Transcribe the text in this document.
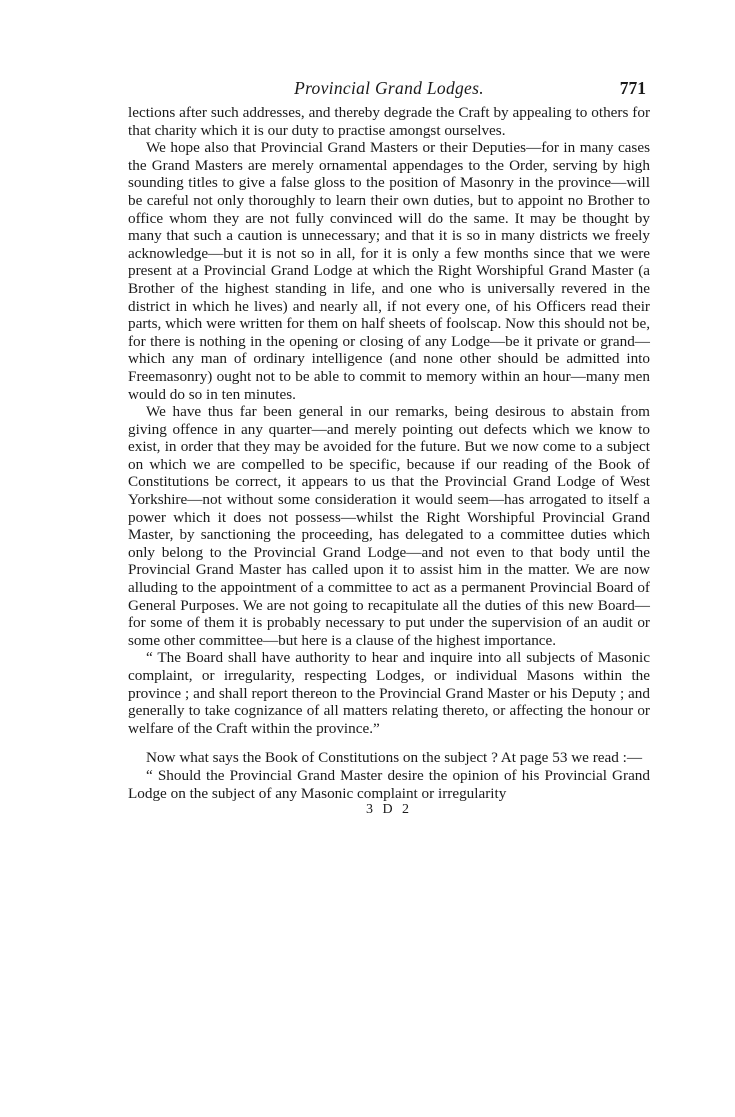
Provincial Grand Lodges.	771

lections after such addresses, and thereby degrade the Craft by appealing to others for that charity which it is our duty to practise amongst ourselves.

We hope also that Provincial Grand Masters or their Deputies—for in many cases the Grand Masters are merely ornamental appendages to the Order, serving by high sounding titles to give a false gloss to the position of Masonry in the province—will be careful not only thoroughly to learn their own duties, but to appoint no Brother to office whom they are not fully convinced will do the same. It may be thought by many that such a caution is unnecessary; and that it is so in many districts we freely acknowledge—but it is not so in all, for it is only a few months since that we were present at a Provincial Grand Lodge at which the Right Worshipful Grand Master (a Brother of the highest standing in life, and one who is universally revered in the district in which he lives) and nearly all, if not every one, of his Officers read their parts, which were written for them on half sheets of foolscap. Now this should not be, for there is nothing in the opening or closing of any Lodge—be it private or grand—which any man of ordinary intelligence (and none other should be admitted into Freemasonry) ought not to be able to commit to memory within an hour—many men would do so in ten minutes.

We have thus far been general in our remarks, being desirous to abstain from giving offence in any quarter—and merely pointing out defects which we know to exist, in order that they may be avoided for the future. But we now come to a subject on which we are compelled to be specific, because if our reading of the Book of Constitutions be correct, it appears to us that the Provincial Grand Lodge of West Yorkshire—not without some consideration it would seem—has arrogated to itself a power which it does not possess—whilst the Right Worshipful Provincial Grand Master, by sanctioning the proceeding, has delegated to a committee duties which only belong to the Provincial Grand Lodge—and not even to that body until the Provincial Grand Master has called upon it to assist him in the matter. We are now alluding to the appointment of a committee to act as a permanent Provincial Board of General Purposes. We are not going to recapitulate all the duties of this new Board—for some of them it is probably necessary to put under the supervision of an audit or some other committee—but here is a clause of the highest importance.

“ The Board shall have authority to hear and inquire into all subjects of Masonic complaint, or irregularity, respecting Lodges, or individual Masons within the province ; and shall report thereon to the Provincial Grand Master or his Deputy ; and generally to take cognizance of all matters relating thereto, or affecting the honour or welfare of the Craft within the province.”

Now what says the Book of Constitutions on the subject ? At page 53 we read :—

“ Should the Provincial Grand Master desire the opinion of his Provincial Grand Lodge on the subject of any Masonic complaint or irregularity

3 D 2
